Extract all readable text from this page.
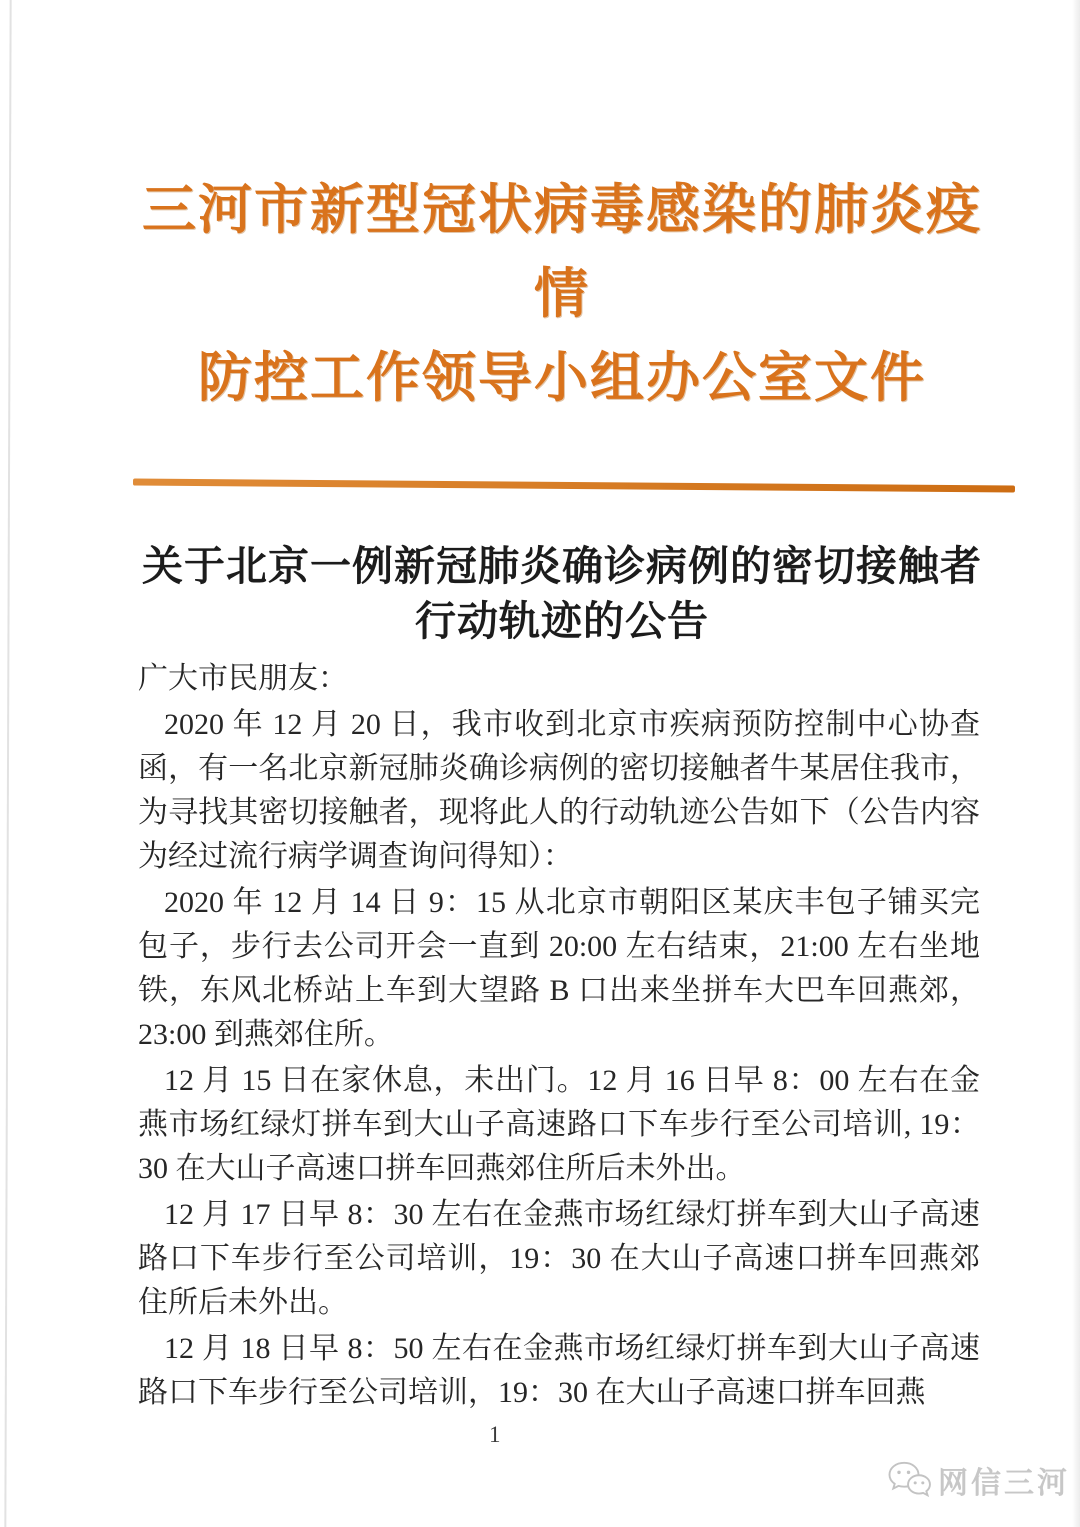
三河市新型冠状病毒感染的肺炎疫情
防控工作领导小组办公室文件
关于北京一例新冠肺炎确诊病例的密切接触者
行动轨迹的公告
广大市民朋友：

2020 年 12 月 20 日，我市收到北京市疾病预防控制中心协查函，有一名北京新冠肺炎确诊病例的密切接触者牛某居住我市，为寻找其密切接触者，现将此人的行动轨迹公告如下（公告内容为经过流行病学调查询问得知）：

2020 年 12 月 14 日 9：15 从北京市朝阳区某庆丰包子铺买完包子，步行去公司开会一直到 20:00 左右结束，21:00 左右坐地铁，东风北桥站上车到大望路 B 口出来坐拼车大巴车回燕郊，23:00 到燕郊住所。

12 月 15 日在家休息，未出门。12 月 16 日早 8：00 左右在金燕市场红绿灯拼车到大山子高速路口下车步行至公司培训, 19：30 在大山子高速口拼车回燕郊住所后未外出。

12 月 17 日早 8：30 左右在金燕市场红绿灯拼车到大山子高速路口下车步行至公司培训，19：30 在大山子高速口拼车回燕郊住所后未外出。

12 月 18 日早 8：50 左右在金燕市场红绿灯拼车到大山子高速路口下车步行至公司培训，19：30 在大山子高速口拼车回燕

1
网信三河
